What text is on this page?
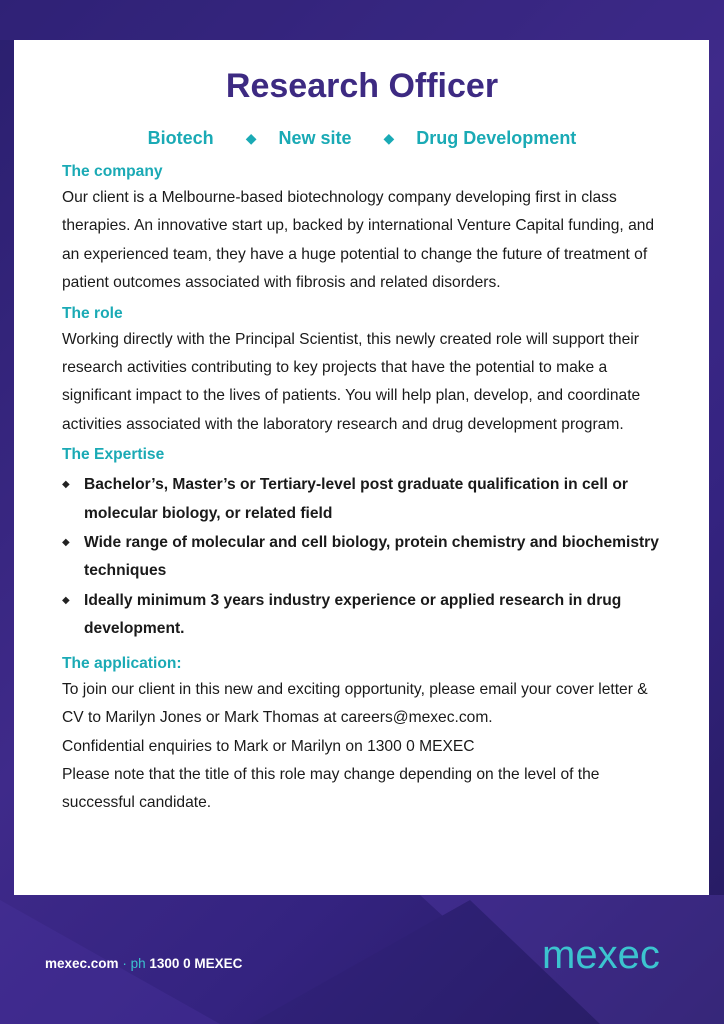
Research Officer
Biotech ◆ New site ◆ Drug Development
The company

Our client is a Melbourne-based biotechnology company developing first in class therapies. An innovative start up, backed by international Venture Capital funding, and an experienced team, they have a huge potential to change the future of treatment of patient outcomes associated with fibrosis and related disorders.

The role

Working directly with the Principal Scientist, this newly created role will support their research activities contributing to key projects that have the potential to make a significant impact to the lives of patients. You will help plan, develop, and coordinate activities associated with the laboratory research and drug development program.

The Expertise
◆ Bachelor’s, Master’s or Tertiary-level post graduate qualification in cell or molecular biology, or related field
◆ Wide range of molecular and cell biology, protein chemistry and biochemistry techniques
◆ Ideally minimum 3 years industry experience or applied research in drug development.
The application:

To join our client in this new and exciting opportunity, please email your cover letter & CV to Marilyn Jones or Mark Thomas at careers@mexec.com.

Confidential enquiries to Mark or Marilyn on 1300 0 MEXEC

Please note that the title of this role may change depending on the level of the successful candidate.

mexec.com · ph 1300 0 MEXEC	mexec
